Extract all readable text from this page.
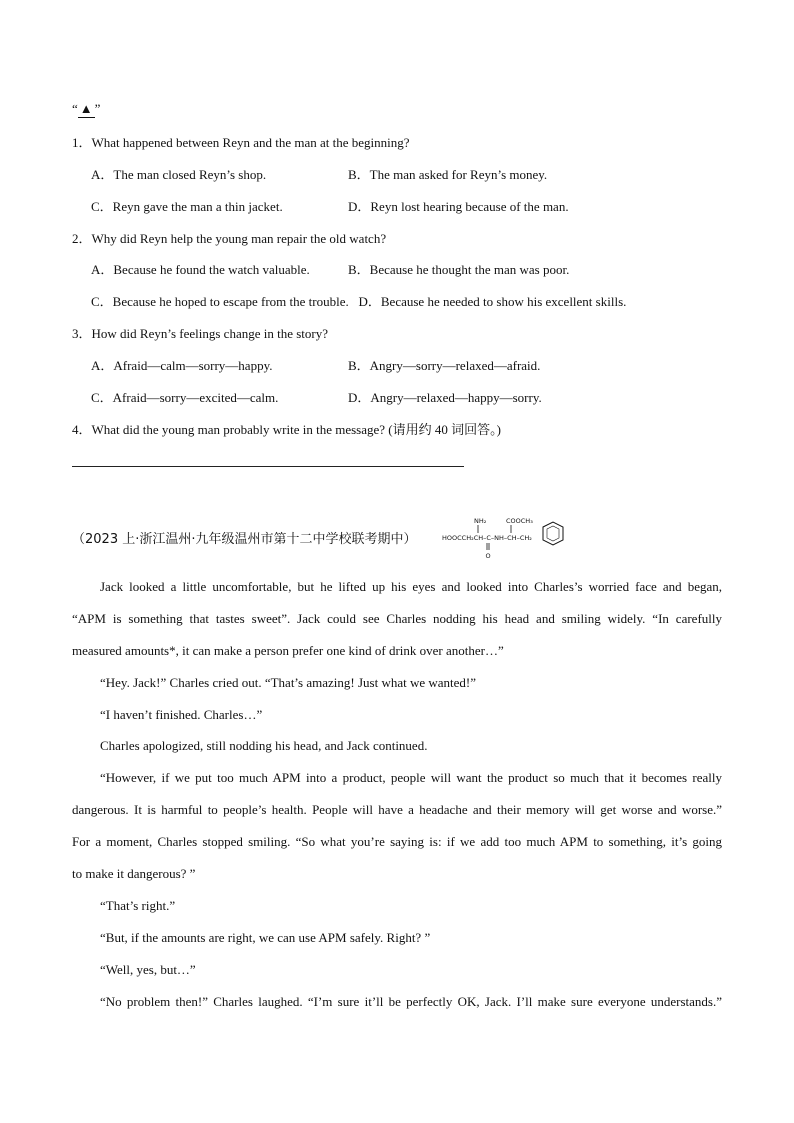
“ ▲ ”
1．What happened between Reyn and the man at the beginning?
A．The man closed Reyn’s shop.	B．The man asked for Reyn’s money.
C．Reyn gave the man a thin jacket.	D．Reyn lost hearing because of the man.
2．Why did Reyn help the young man repair the old watch?
A．Because he found the watch valuable.	B．Because he thought the man was poor.
C．Because he hoped to escape from the trouble. D．Because he needed to show his excellent skills.
3．How did Reyn’s feelings change in the story?
A．Afraid—calm—sorry—happy.	B．Angry—sorry—relaxed—afraid.
C．Afraid—sorry—excited—calm.	D．Angry—relaxed—happy—sorry.
4．What did the young man probably write in the message? (请用约 40 词回答。)
（2023 上·浙江温州·九年级温州市第十二中学校联考期中）
NH₂	COOCH₃
HOOCCH₂CH–C–NH–CH–CH₂
O
Jack looked a little uncomfortable, but he lifted up his eyes and looked into Charles’s worried face and began,
“APM is something that tastes sweet”. Jack could see Charles nodding his head and smiling widely. “In carefully
measured amounts*, it can make a person prefer one kind of drink over another…”
“Hey. Jack!” Charles cried out. “That’s amazing! Just what we wanted!”
“I haven’t finished. Charles…”
Charles apologized, still nodding his head, and Jack continued.
“However, if we put too much APM into a product, people will want the product so much that it becomes really
dangerous. It is harmful to people’s health. People will have a headache and their memory will get worse and worse.”
For a moment, Charles stopped smiling. “So what you’re saying is: if we add too much APM to something, it’s going
to make it dangerous? ”
“That’s right.”
“But, if the amounts are right, we can use APM safely. Right? ”
“Well, yes, but…”
“No problem then!” Charles laughed. “I’m sure it’ll be perfectly OK, Jack. I’ll make sure everyone understands.”
